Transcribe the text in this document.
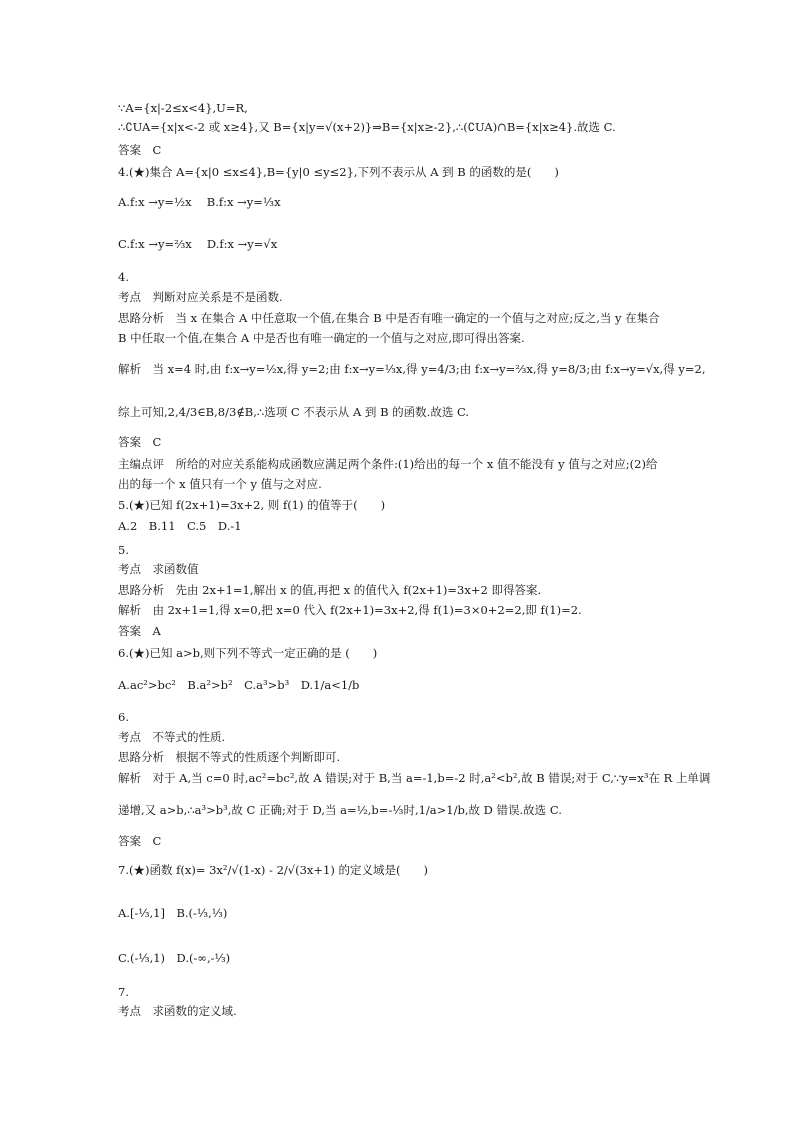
∵A={x|-2≤x<4},U=R,
∴∁UA={x|x<-2 或 x≥4},又 B={x|y=√(x+2)}⇒B={x|x≥-2},∴(∁UA)∩B={x|x≥4}.故选 C.
答案　C
4.(★)集合 A={x|0 ≤x≤4},B={y|0 ≤y≤2},下列不表示从 A 到 B 的函数的是(　　)
A.f:x →y=½x　 B.f:x →y=⅓x
C.f:x →y=⅔x　 D.f:x →y=√x
4.
考点　判断对应关系是不是函数.
思路分析　当 x 在集合 A 中任意取一个值,在集合 B 中是否有唯一确定的一个值与之对应;反之,当 y 在集合
B 中任取一个值,在集合 A 中是否也有唯一确定的一个值与之对应,即可得出答案.
解析　当 x=4 时,由 f:x→y=½x,得 y=2;由 f:x→y=⅓x,得 y=4/3;由 f:x→y=⅔x,得 y=8/3;由 f:x→y=√x,得 y=2,
综上可知,2,4/3∈B,8/3∉B,∴选项 C 不表示从 A 到 B 的函数.故选 C.
答案　C
主编点评　所给的对应关系能构成函数应满足两个条件:(1)给出的每一个 x 值不能没有 y 值与之对应;(2)给
出的每一个 x 值只有一个 y 值与之对应.
5.(★)已知 f(2x+1)=3x+2, 则 f(1) 的值等于(　　)
A.2　B.11　C.5　D.-1
5.
考点　求函数值
思路分析　先由 2x+1=1,解出 x 的值,再把 x 的值代入 f(2x+1)=3x+2 即得答案.
解析　由 2x+1=1,得 x=0,把 x=0 代入 f(2x+1)=3x+2,得 f(1)=3×0+2=2,即 f(1)=2.
答案　A
6.(★)已知 a>b,则下列不等式一定正确的是 (　　)
A.ac²>bc²　B.a²>b²　C.a³>b³　D.1/a<1/b
6.
考点　不等式的性质.
思路分析　根据不等式的性质逐个判断即可.
解析　对于 A,当 c=0 时,ac²=bc²,故 A 错误;对于 B,当 a=-1,b=-2 时,a²<b²,故 B 错误;对于 C,∵y=x³在 R 上单调
递增,又 a>b,∴a³>b³,故 C 正确;对于 D,当 a=½,b=-⅓时,1/a>1/b,故 D 错误.故选 C.
答案　C
7.(★)函数 f(x)= 3x²/√(1-x) - 2/√(3x+1) 的定义域是(　　)
A.[-⅓,1]　B.(-⅓,⅓)
C.(-⅓,1)　D.(-∞,-⅓)
7.
考点　求函数的定义域.
